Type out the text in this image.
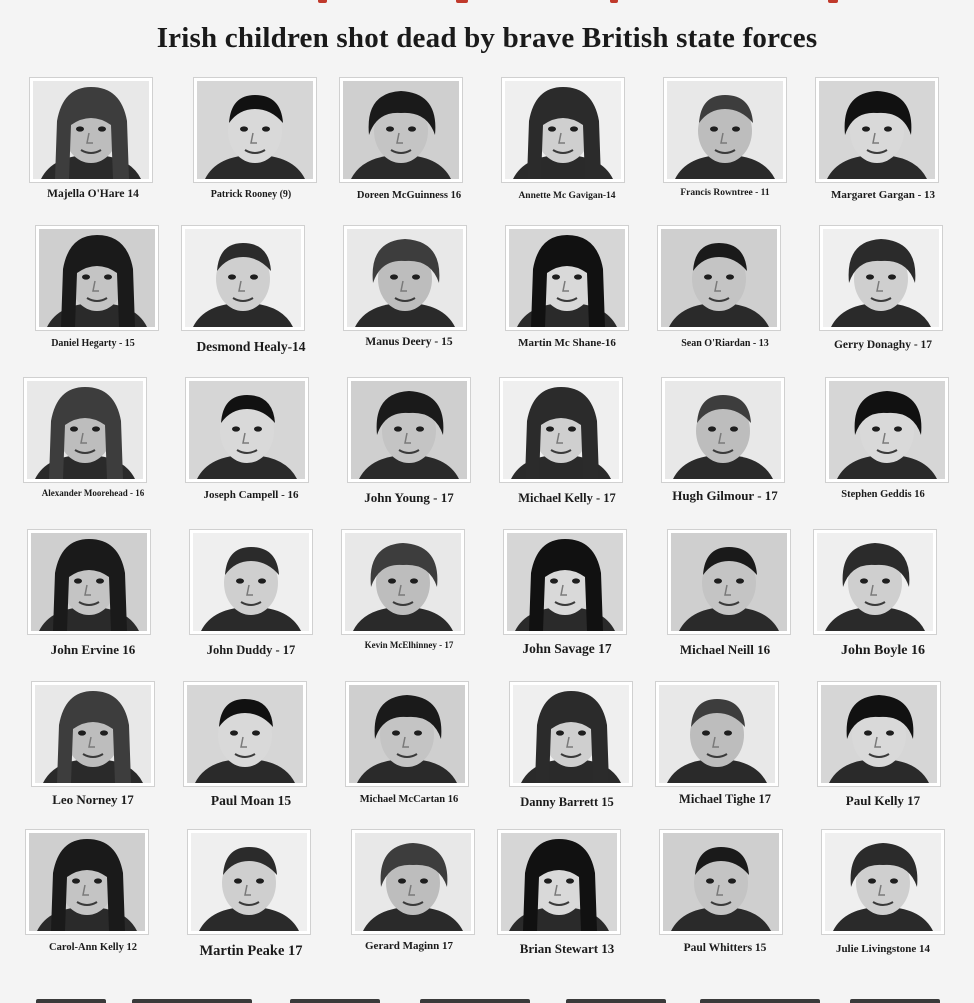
Irish children shot dead by brave British state forces
Majella O'Hare 14	Patrick Rooney (9)	Doreen McGuinness 16	Annette Mc Gavigan-14	Francis Rowntree - 11	Margaret Gargan - 13
Daniel Hegarty - 15	Desmond Healy-14	Manus Deery - 15	Martin Mc Shane-16	Sean O'Riardan - 13	Gerry Donaghy - 17
Alexander Moorehead - 16	Joseph Campell - 16	John Young - 17	Michael Kelly - 17	Hugh Gilmour - 17	Stephen Geddis 16
John Ervine 16	John Duddy - 17	Kevin McElhinney - 17	John Savage 17	Michael Neill 16	John Boyle 16
Leo Norney 17	Paul Moan 15	Michael McCartan 16	Danny Barrett 15	Michael Tighe 17	Paul Kelly 17
Carol-Ann Kelly 12	Martin Peake 17	Gerard Maginn 17	Brian Stewart 13	Paul Whitters 15	Julie Livingstone 14
